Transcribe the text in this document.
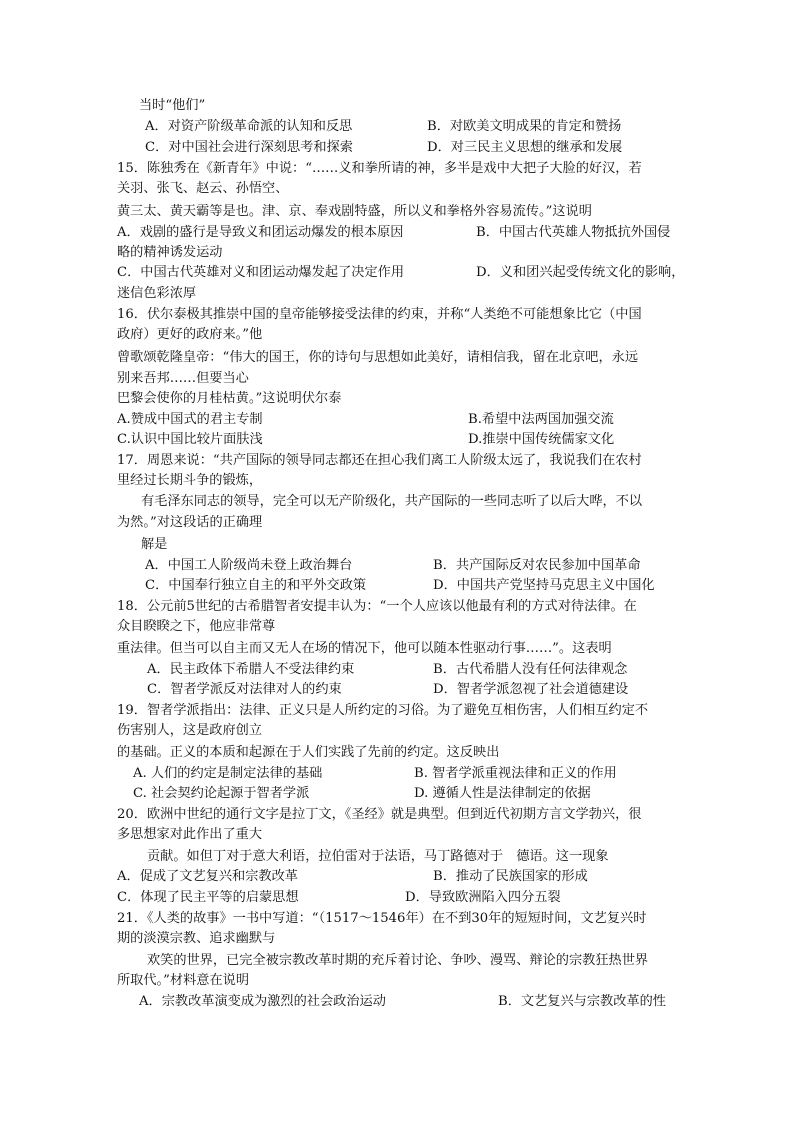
当时“他们”
A．对资产阶级革命派的认知和反思	B．对欧美文明成果的肯定和赞扬
C．对中国社会进行深刻思考和探索	D．对三民主义思想的继承和发展
15．陈独秀在《新青年》中说：“……义和拳所请的神，多半是戏中大把子大脸的好汉，若
关羽、张飞、赵云、孙悟空、
黄三太、黄天霸等是也。津、京、奉戏剧特盛，所以义和拳格外容易流传。”这说明
A．戏剧的盛行是导致义和团运动爆发的根本原因	B．中国古代英雄人物抵抗外国侵
略的精神诱发运动
C．中国古代英雄对义和团运动爆发起了决定作用	D．义和团兴起受传统文化的影响，
迷信色彩浓厚
16．伏尔泰极其推崇中国的皇帝能够接受法律的约束，并称“人类绝不可能想象比它（中国
政府）更好的政府来。”他
曾歌颂乾隆皇帝：“伟大的国王，你的诗句与思想如此美好，请相信我，留在北京吧，永远
别来吾邦……但要当心
巴黎会使你的月桂枯黄。”这说明伏尔泰
A.赞成中国式的君主专制	B.希望中法两国加强交流
C.认识中国比较片面肤浅	D.推崇中国传统儒家文化
17．周恩来说：“共产国际的领导同志都还在担心我们离工人阶级太远了，我说我们在农村
里经过长期斗争的锻炼，
有毛泽东同志的领导，完全可以无产阶级化，共产国际的一些同志听了以后大哗，不以
为然。”对这段话的正确理
解是
A．中国工人阶级尚未登上政治舞台	B．共产国际反对农民参加中国革命
C．中国奉行独立自主的和平外交政策	D．中国共产党坚持马克思主义中国化
18．公元前5世纪的古希腊智者安提丰认为：“一个人应该以他最有利的方式对待法律。在
众目睽睽之下，他应非常尊
重法律。但当可以自主而又无人在场的情况下，他可以随本性驱动行事……”。这表明
A．民主政体下希腊人不受法律约束	B．古代希腊人没有任何法律观念
C．智者学派反对法律对人的约束	D．智者学派忽视了社会道德建设
19．智者学派指出：法律、正义只是人所约定的习俗。为了避免互相伤害，人们相互约定不
伤害别人，这是政府创立
的基础。正义的本质和起源在于人们实践了先前的约定。这反映出
A. 人们的约定是制定法律的基础	B. 智者学派重视法律和正义的作用
C. 社会契约论起源于智者学派	D. 遵循人性是法律制定的依据
20．欧洲中世纪的通行文字是拉丁文，《圣经》就是典型。但到近代初期方言文学勃兴，很
多思想家对此作出了重大
贡献。如但丁对于意大利语，拉伯雷对于法语，马丁路德对于　德语。这一现象
A．促成了文艺复兴和宗教改革	B．推动了民族国家的形成
C．体现了民主平等的启蒙思想	D．导致欧洲陷入四分五裂
21．《人类的故事》一书中写道：“（1517～1546年）在不到30年的短短时间，文艺复兴时
期的淡漠宗教、追求幽默与
欢笑的世界，已完全被宗教改革时期的充斥着讨论、争吵、漫骂、辩论的宗教狂热世界
所取代。”材料意在说明
A．宗教改革演变成为激烈的社会政治运动	B．文艺复兴与宗教改革的性
